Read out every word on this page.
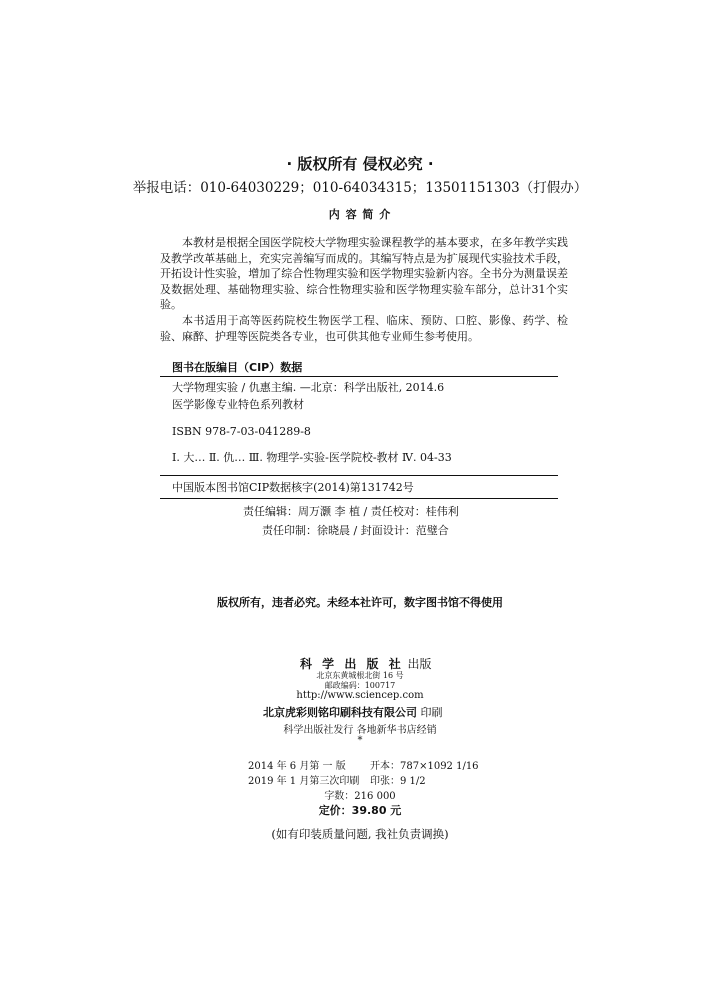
· 版权所有 侵权必究 ·
举报电话：010-64030229；010-64034315；13501151303（打假办）
内 容 简 介

本教材是根据全国医学院校大学物理实验课程教学的基本要求，在多年教学实践及教学改革基础上，充实完善编写而成的。其编写特点是为扩展现代实验技术手段，开拓设计性实验，增加了综合性物理实验和医学物理实验新内容。全书分为测量误差及数据处理、基础物理实验、综合性物理实验和医学物理实验车部分，总计31个实验。

本书适用于高等医药院校生物医学工程、临床、预防、口腔、影像、药学、检验、麻醉、护理等医院类各专业，也可供其他专业师生参考使用。

图书在版编目（CIP）数据
大学物理实验 / 仇惠主编. —北京：科学出版社, 2014.6
医学影像专业特色系列教材
ISBN 978-7-03-041289-8
Ⅰ. 大… Ⅱ. 仇… Ⅲ. 物理学-实验-医学院校-教材 Ⅳ. 04-33
中国版本图书馆CIP数据核字(2014)第131742号
责任编辑：周万灏 李 植 / 责任校对：桂伟利
责任印制：徐晓晨 / 封面设计：范璧合
版权所有，违者必究。未经本社许可，数字图书馆不得使用
科 学 出 版 社 出版
北京东黄城根北街 16 号
邮政编码：100717
http://www.sciencep.com
北京虎彩则铭印刷科技有限公司 印刷
科学出版社发行 各地新华书店经销
*
2014 年 6 月第 一 版 开本：787×1092 1/16
2019 年 1 月第三次印刷 印张：9 1/2
字数：216 000
定价：39.80 元
(如有印装质量问题, 我社负责调换)
